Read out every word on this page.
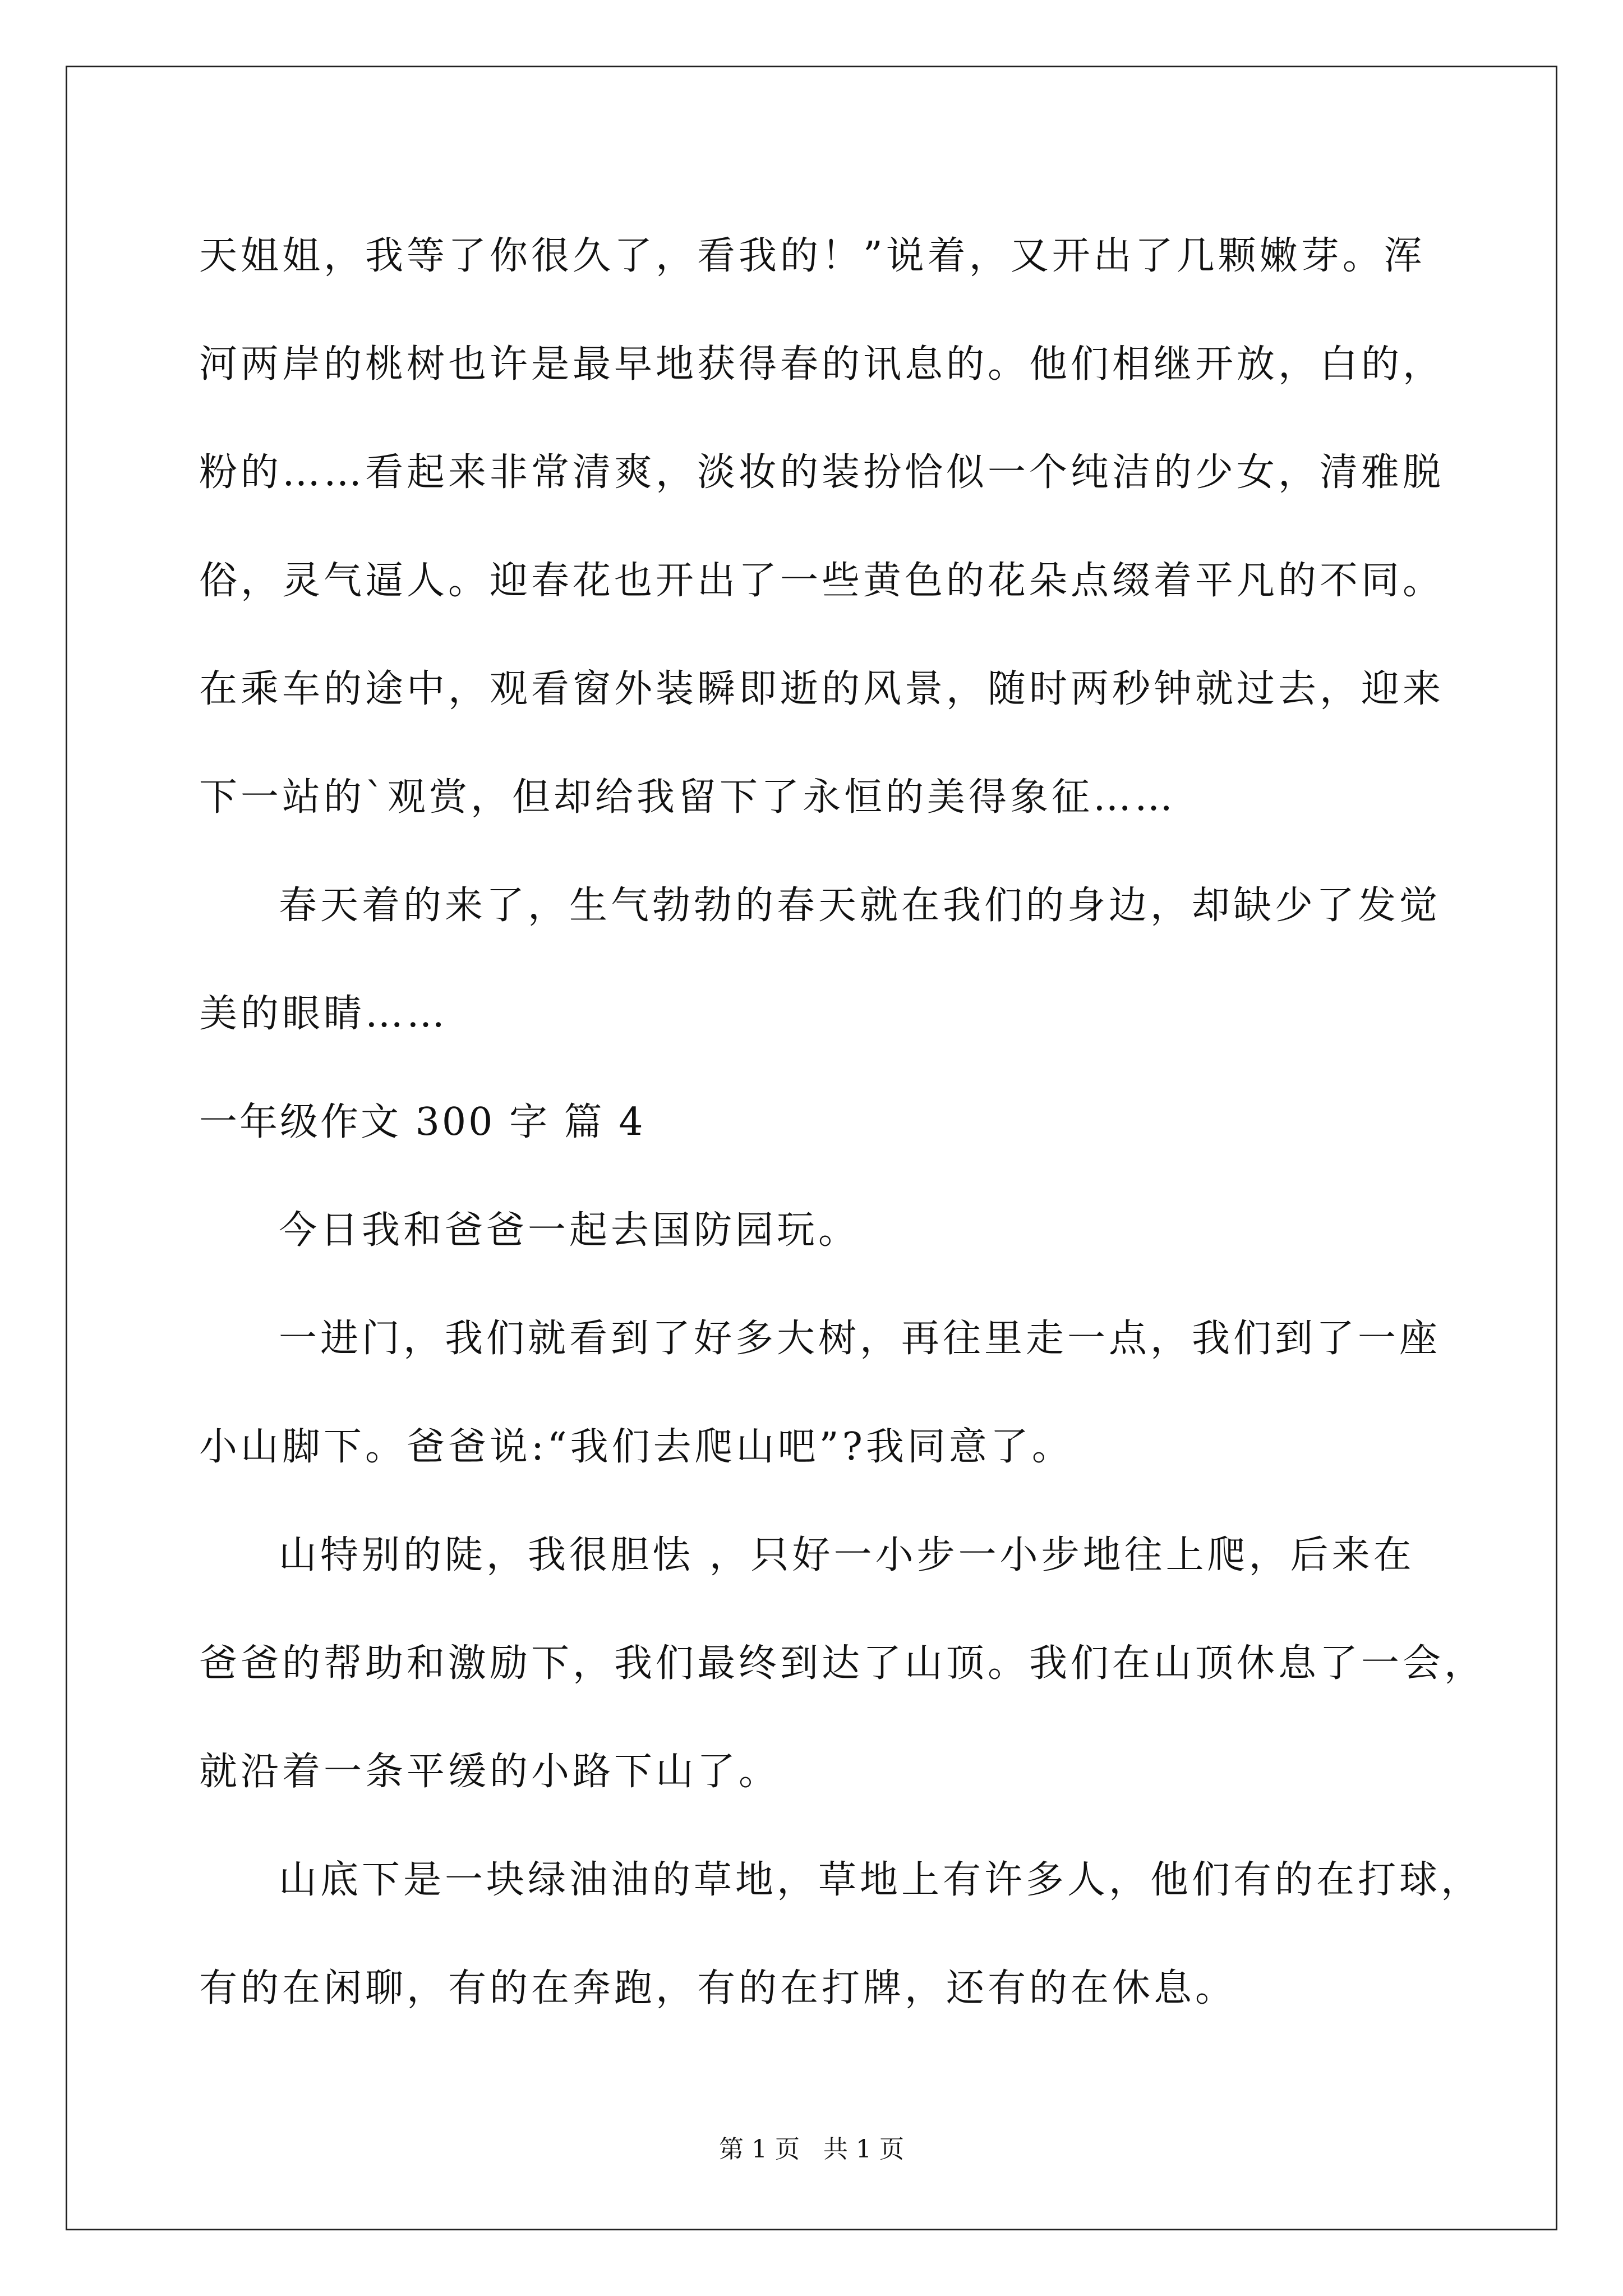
天姐姐，我等了你很久了，看我的！”说着，又开出了几颗嫩芽。浑
河两岸的桃树也许是最早地获得春的讯息的。他们相继开放，白的，
粉的……看起来非常清爽，淡妆的装扮恰似一个纯洁的少女，清雅脱
俗，灵气逼人。迎春花也开出了一些黄色的花朵点缀着平凡的不同。
在乘车的途中，观看窗外装瞬即逝的风景，随时两秒钟就过去，迎来
下一站的`观赏，但却给我留下了永恒的美得象征……
春天着的来了，生气勃勃的春天就在我们的身边，却缺少了发觉
美的眼睛……
一年级作文 300 字 篇 4
今日我和爸爸一起去国防园玩。
一进门，我们就看到了好多大树，再往里走一点，我们到了一座
小山脚下。爸爸说:“我们去爬山吧”?我同意了。
山特别的陡，我很胆怯 ，只好一小步一小步地往上爬，后来在
爸爸的帮助和激励下，我们最终到达了山顶。我们在山顶休息了一会，
就沿着一条平缓的小路下山了。
山底下是一块绿油油的草地，草地上有许多人，他们有的在打球，
有的在闲聊，有的在奔跑，有的在打牌，还有的在休息。
第 1 页 共 1 页
